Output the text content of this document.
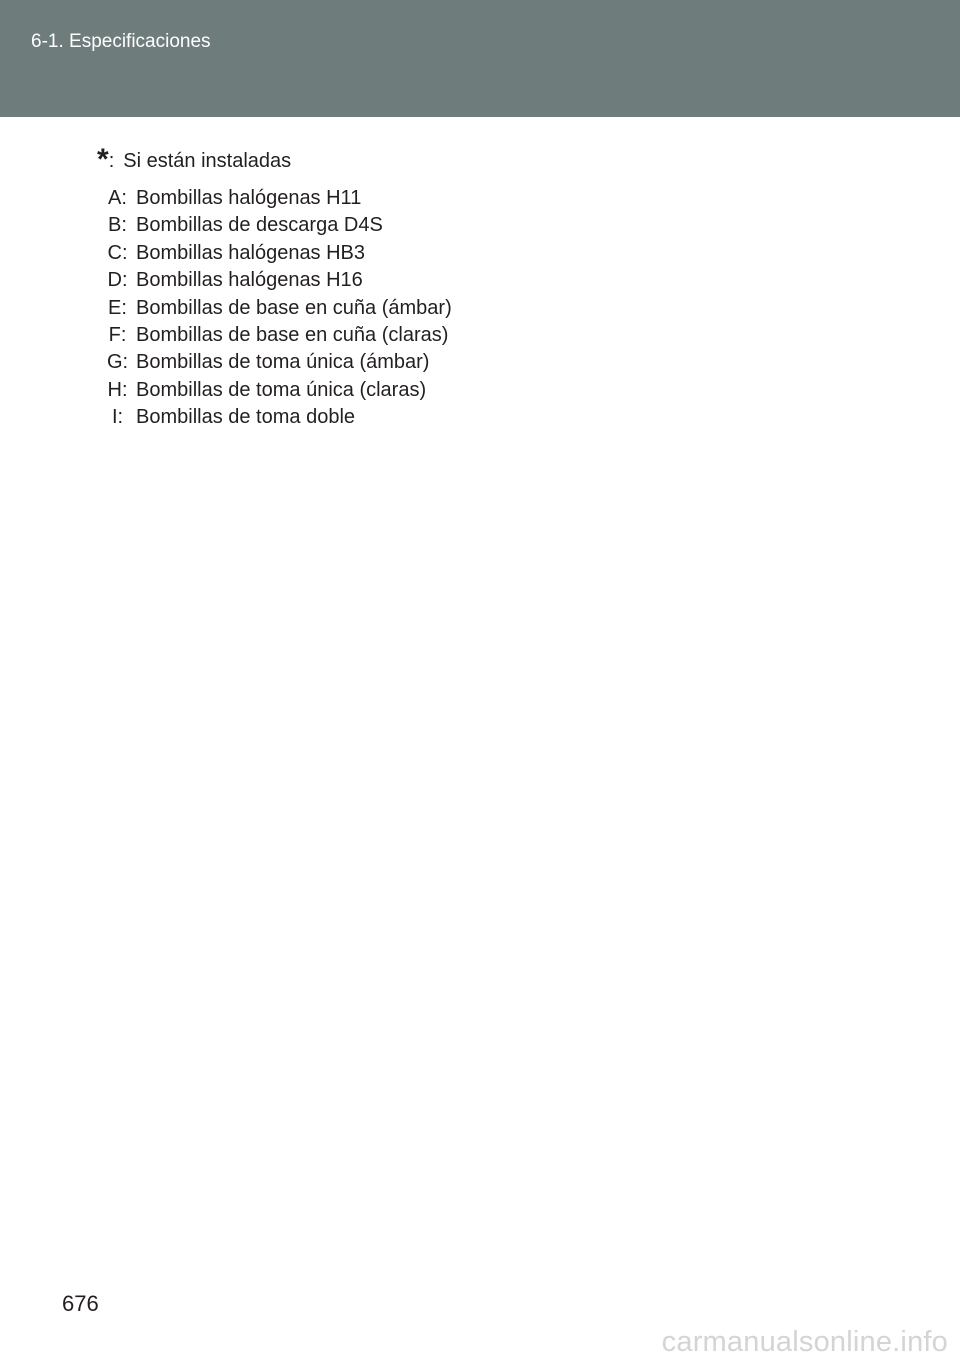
6-1. Especificaciones
* : Si están instaladas
A: Bombillas halógenas H11
B: Bombillas de descarga D4S
C: Bombillas halógenas HB3
D: Bombillas halógenas H16
E: Bombillas de base en cuña (ámbar)
F: Bombillas de base en cuña (claras)
G: Bombillas de toma única (ámbar)
H: Bombillas de toma única (claras)
I: Bombillas de toma doble
676
carmanualsonline.info
